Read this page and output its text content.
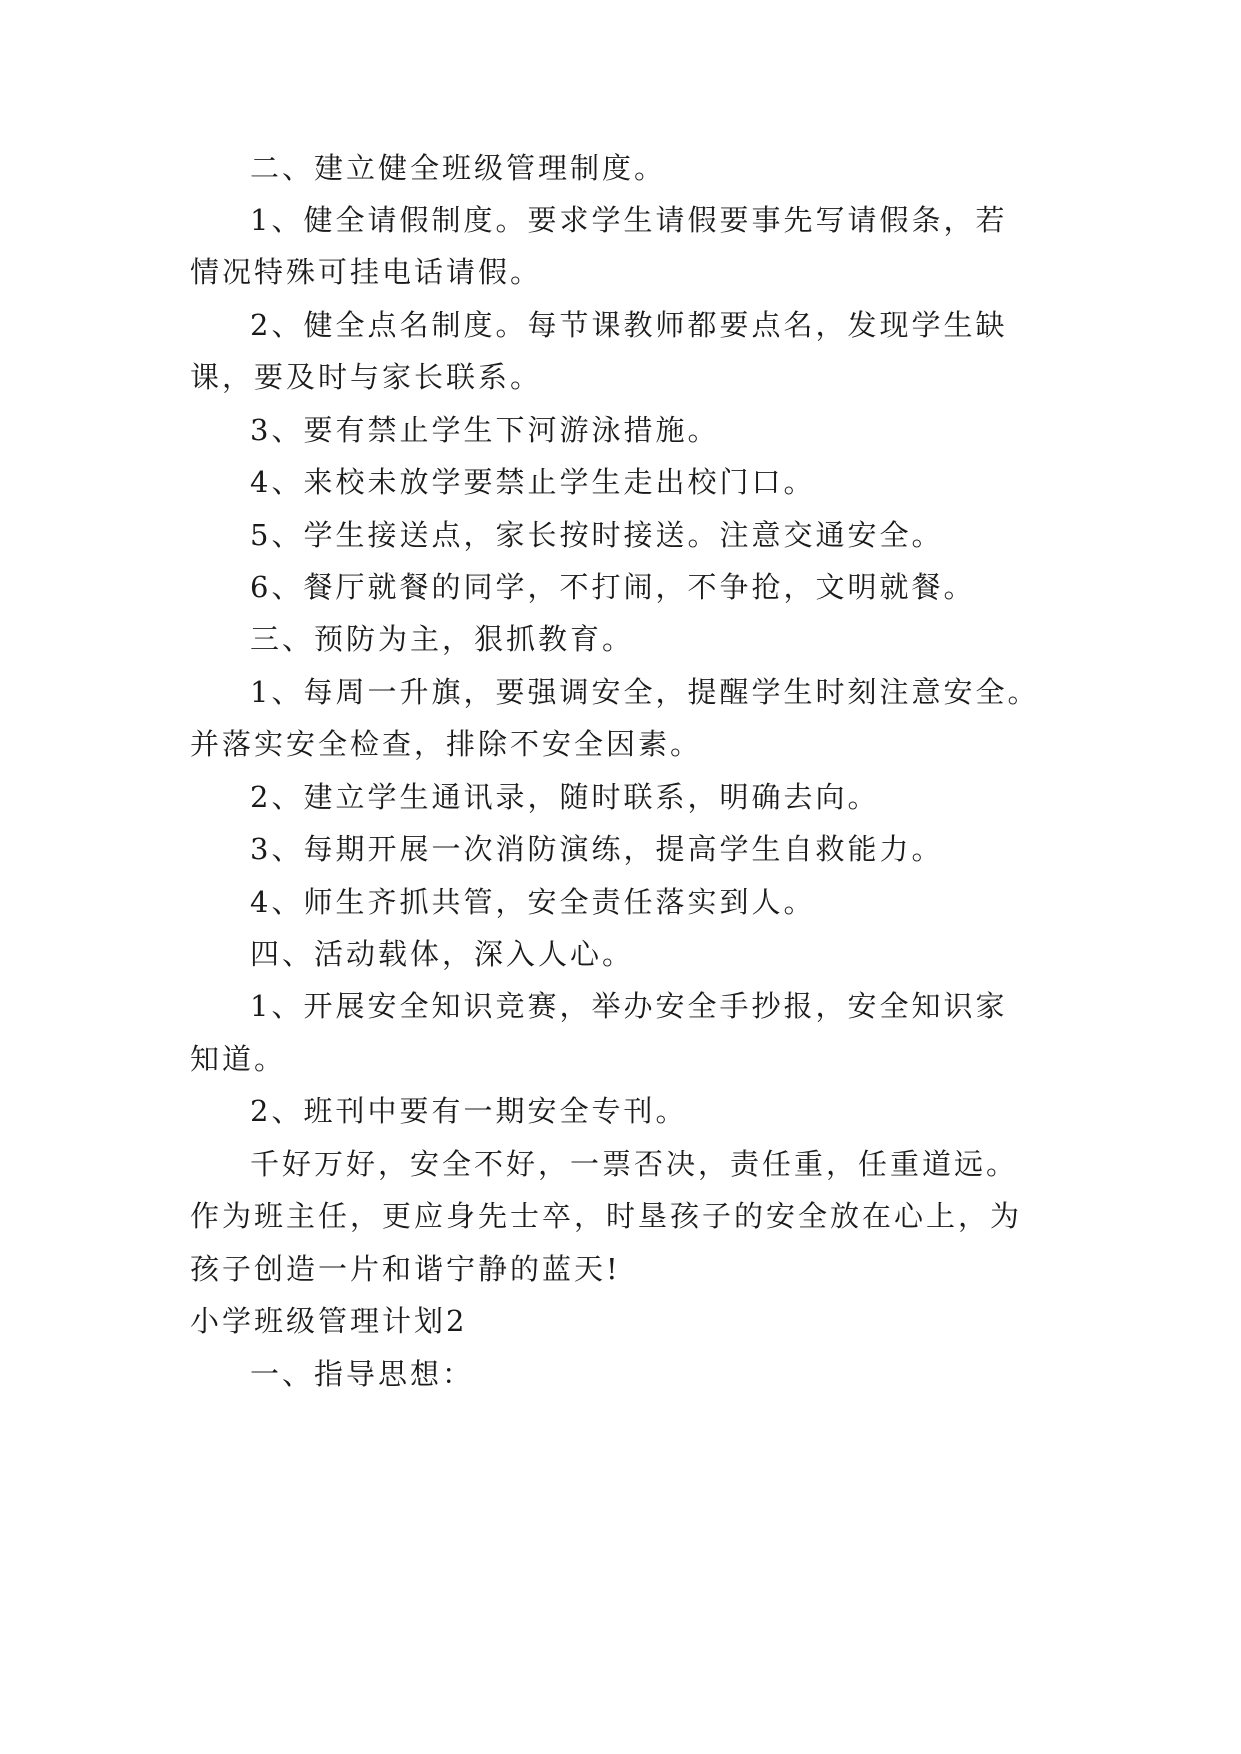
二、建立健全班级管理制度。
1、健全请假制度。要求学生请假要事先写请假条，若
情况特殊可挂电话请假。
2、健全点名制度。每节课教师都要点名，发现学生缺
课，要及时与家长联系。
3、要有禁止学生下河游泳措施。
4、来校未放学要禁止学生走出校门口。
5、学生接送点，家长按时接送。注意交通安全。
6、餐厅就餐的同学，不打闹，不争抢，文明就餐。
三、预防为主，狠抓教育。
1、每周一升旗，要强调安全，提醒学生时刻注意安全。
并落实安全检查，排除不安全因素。
2、建立学生通讯录，随时联系，明确去向。
3、每期开展一次消防演练，提高学生自救能力。
4、师生齐抓共管，安全责任落实到人。
四、活动载体，深入人心。
1、开展安全知识竞赛，举办安全手抄报，安全知识家
知道。
2、班刊中要有一期安全专刊。
千好万好，安全不好，一票否决，责任重，任重道远。
作为班主任，更应身先士卒，时垦孩子的安全放在心上，为
孩子创造一片和谐宁静的蓝天!
小学班级管理计划2
一、指导思想：
